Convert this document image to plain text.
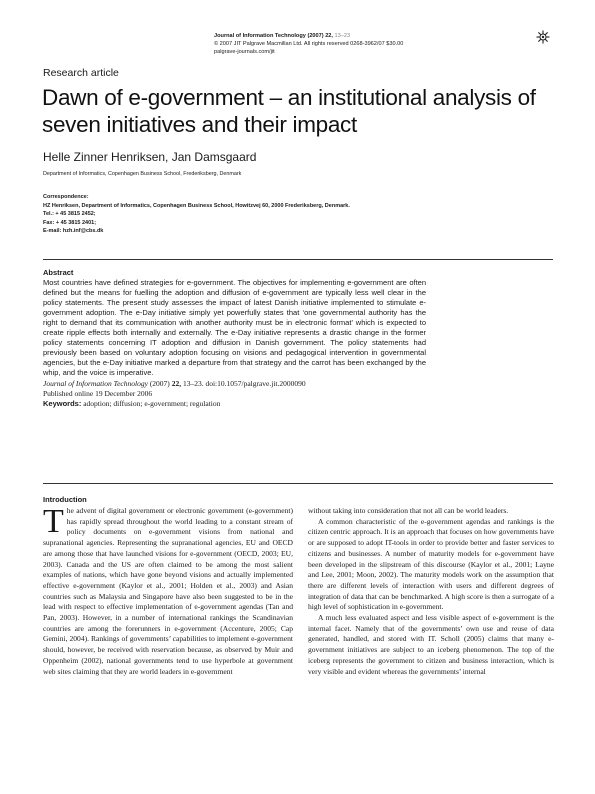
Journal of Information Technology (2007) 22, 13–23
© 2007 JIT Palgrave Macmillan Ltd. All rights reserved 0268-3962/07 $30.00
palgrave-journals.com/jit
Research article
Dawn of e-government – an institutional analysis of seven initiatives and their impact
Helle Zinner Henriksen, Jan Damsgaard
Department of Informatics, Copenhagen Business School, Frederiksberg, Denmark
Correspondence:
HZ Henriksen, Department of Informatics, Copenhagen Business School, Howitzvej 60, 2000 Frederiksberg, Denmark.
Tel.: + 45 3815 2452;
Fax: + 45 3815 2401;
E-mail: hzh.inf@cbs.dk
Abstract
Most countries have defined strategies for e-government. The objectives for implementing e-government are often defined but the means for fuelling the adoption and diffusion of e-government are typically less well clear in the policy statements. The present study assesses the impact of latest Danish initiative implemented to stimulate e-government adoption. The e-Day initiative simply yet powerfully states that ‘one governmental authority has the right to demand that its communication with another authority must be in electronic format’ which is expected to create ripple effects both internally and externally. The e-Day initiative represents a drastic change in the former policy statements concerning IT adoption and diffusion in Danish government. The policy statements had previously been based on voluntary adoption focusing on visions and pedagogical intervention in governmental agencies, but the e-Day initiative marked a departure from that strategy and the carrot has been exchanged by the whip, and the voice is imperative.
Journal of Information Technology (2007) 22, 13–23. doi:10.1057/palgrave.jit.2000090
Published online 19 December 2006
Keywords: adoption; diffusion; e-government; regulation
Introduction

The advent of digital government or electronic government (e-government) has rapidly spread throughout the world leading to a constant stream of policy documents on e-government visions from national and supranational agencies. Representing the supranational agencies, EU and OECD are among those that have launched visions for e-government (OECD, 2003; EU, 2003). Canada and the US are often claimed to be among the most salient examples of nations, which have gone beyond visions and actually implemented effective e-government (Kaylor et al., 2001; Holden et al., 2003) and Asian countries such as Malaysia and Singapore have also been suggested to be in the lead with respect to effective implementation of e-government agendas (Tan and Pan, 2003). However, in a number of international rankings the Scandinavian countries are among the forerunners in e-government (Accenture, 2005; Cap Gemini, 2004). Rankings of governments’ capabilities to implement e-government should, however, be received with reservation because, as observed by Muir and Oppenheim (2002), national governments tend to use hyperbole at government web sites claiming that they are world leaders in e-government

without taking into consideration that not all can be world leaders.

A common characteristic of the e-government agendas and rankings is the citizen centric approach. It is an approach that focuses on how governments have or are supposed to adopt IT-tools in order to provide better and faster services to citizens and businesses. A number of maturity models for e-government have been developed in the slipstream of this discourse (Kaylor et al., 2001; Layne and Lee, 2001; Moon, 2002). The maturity models work on the assumption that there are different levels of interaction with users and different degrees of integration of data that can be benchmarked. A high score is then a surrogate of a high level of sophistication in e-government.

A much less evaluated aspect and less visible aspect of e-government is the internal facet. Namely that of the governments’ own use and reuse of data generated, handled, and stored with IT. Scholl (2005) claims that many e-government initiatives are subject to an iceberg phenomenon. The top of the iceberg represents the government to citizen and business interaction, which is very visible and evident whereas the governments’ internal
